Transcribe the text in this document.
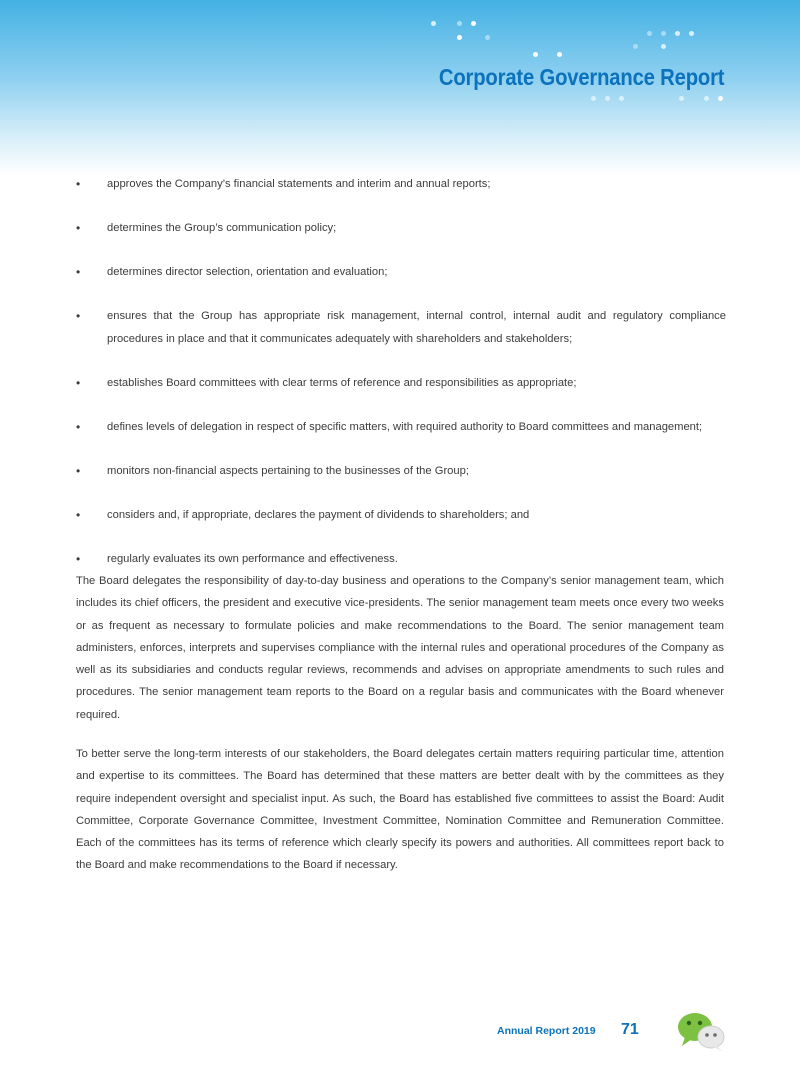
Corporate Governance Report
• approves the Company’s financial statements and interim and annual reports;
• determines the Group’s communication policy;
• determines director selection, orientation and evaluation;
• ensures that the Group has appropriate risk management, internal control, internal audit and regulatory compliance procedures in place and that it communicates adequately with shareholders and stakeholders;
• establishes Board committees with clear terms of reference and responsibilities as appropriate;
• defines levels of delegation in respect of specific matters, with required authority to Board committees and management;
• monitors non-financial aspects pertaining to the businesses of the Group;
• considers and, if appropriate, declares the payment of dividends to shareholders; and
• regularly evaluates its own performance and effectiveness.

The Board delegates the responsibility of day-to-day business and operations to the Company’s senior management team, which includes its chief officers, the president and executive vice-presidents. The senior management team meets once every two weeks or as frequent as necessary to formulate policies and make recommendations to the Board. The senior management team administers, enforces, interprets and supervises compliance with the internal rules and operational procedures of the Company as well as its subsidiaries and conducts regular reviews, recommends and advises on appropriate amendments to such rules and procedures. The senior management team reports to the Board on a regular basis and communicates with the Board whenever required.

To better serve the long-term interests of our stakeholders, the Board delegates certain matters requiring particular time, attention and expertise to its committees. The Board has determined that these matters are better dealt with by the committees as they require independent oversight and specialist input. As such, the Board has established five committees to assist the Board: Audit Committee, Corporate Governance Committee, Investment Committee, Nomination Committee and Remuneration Committee. Each of the committees has its terms of reference which clearly specify its powers and authorities. All committees report back to the Board and make recommendations to the Board if necessary.

Annual Report 2019 71
